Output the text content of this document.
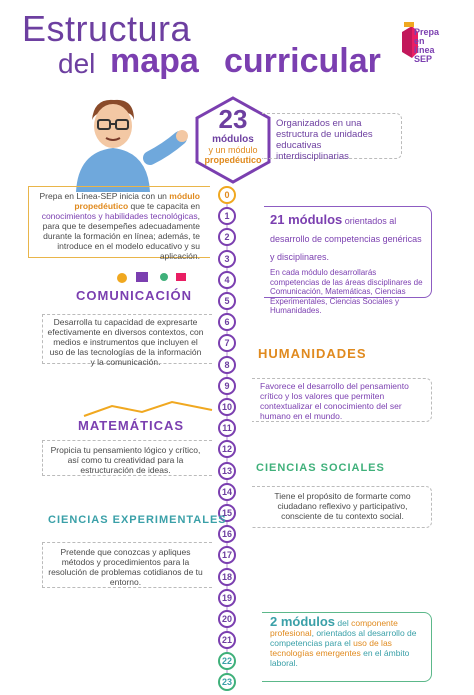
Estructura
del mapa curricular
Prepa en
línea
SEP
23
módulos
y un módulo
propedéutico
Organizados en una estructura de unidades educativas interdisciplinarias
0
1
2
3
4
5
6
7
8
9
10
11
12
13
14
15
16
17
18
19
20
21
22
23
Prepa en Línea-SEP inicia con un módulo propedéutico que te capacita en conocimientos y habilidades tecnológicas, para que te desempeñes adecuadamente durante la formación en línea; además, te introduce en el modelo educativo y su aplicación.
21 módulos orientados al desarrollo de competencias genéricas y disciplinares.

En cada módulo desarrollarás competencias de las áreas disciplinares de Comunicación, Matemáticas, Ciencias Experimentales, Ciencias Sociales y Humanidades.

COMUNICACIÓN
Desarrolla tu capacidad de expresarte efectivamente en diversos contextos, con medios e instrumentos que incluyen el uso de las tecnologías de la información y la comunicación.
HUMANIDADES
Favorece el desarrollo del pensamiento crítico y los valores que permiten contextualizar el conocimiento del ser humano en el mundo.
MATEMÁTICAS
Propicia tu pensamiento lógico y crítico, así como tu creatividad para la estructuración de ideas.	CIENCIAS SOCIALES
Tiene el propósito de formarte como ciudadano reflexivo y participativo, consciente de tu contexto social.
CIENCIAS EXPERIMENTALES
Pretende que conozcas y apliques métodos y procedimientos para la resolución de problemas cotidianos de tu entorno.
2 módulos del componente profesional, orientados al desarrollo de competencias para el uso de las tecnologías emergentes en el ámbito laboral.
